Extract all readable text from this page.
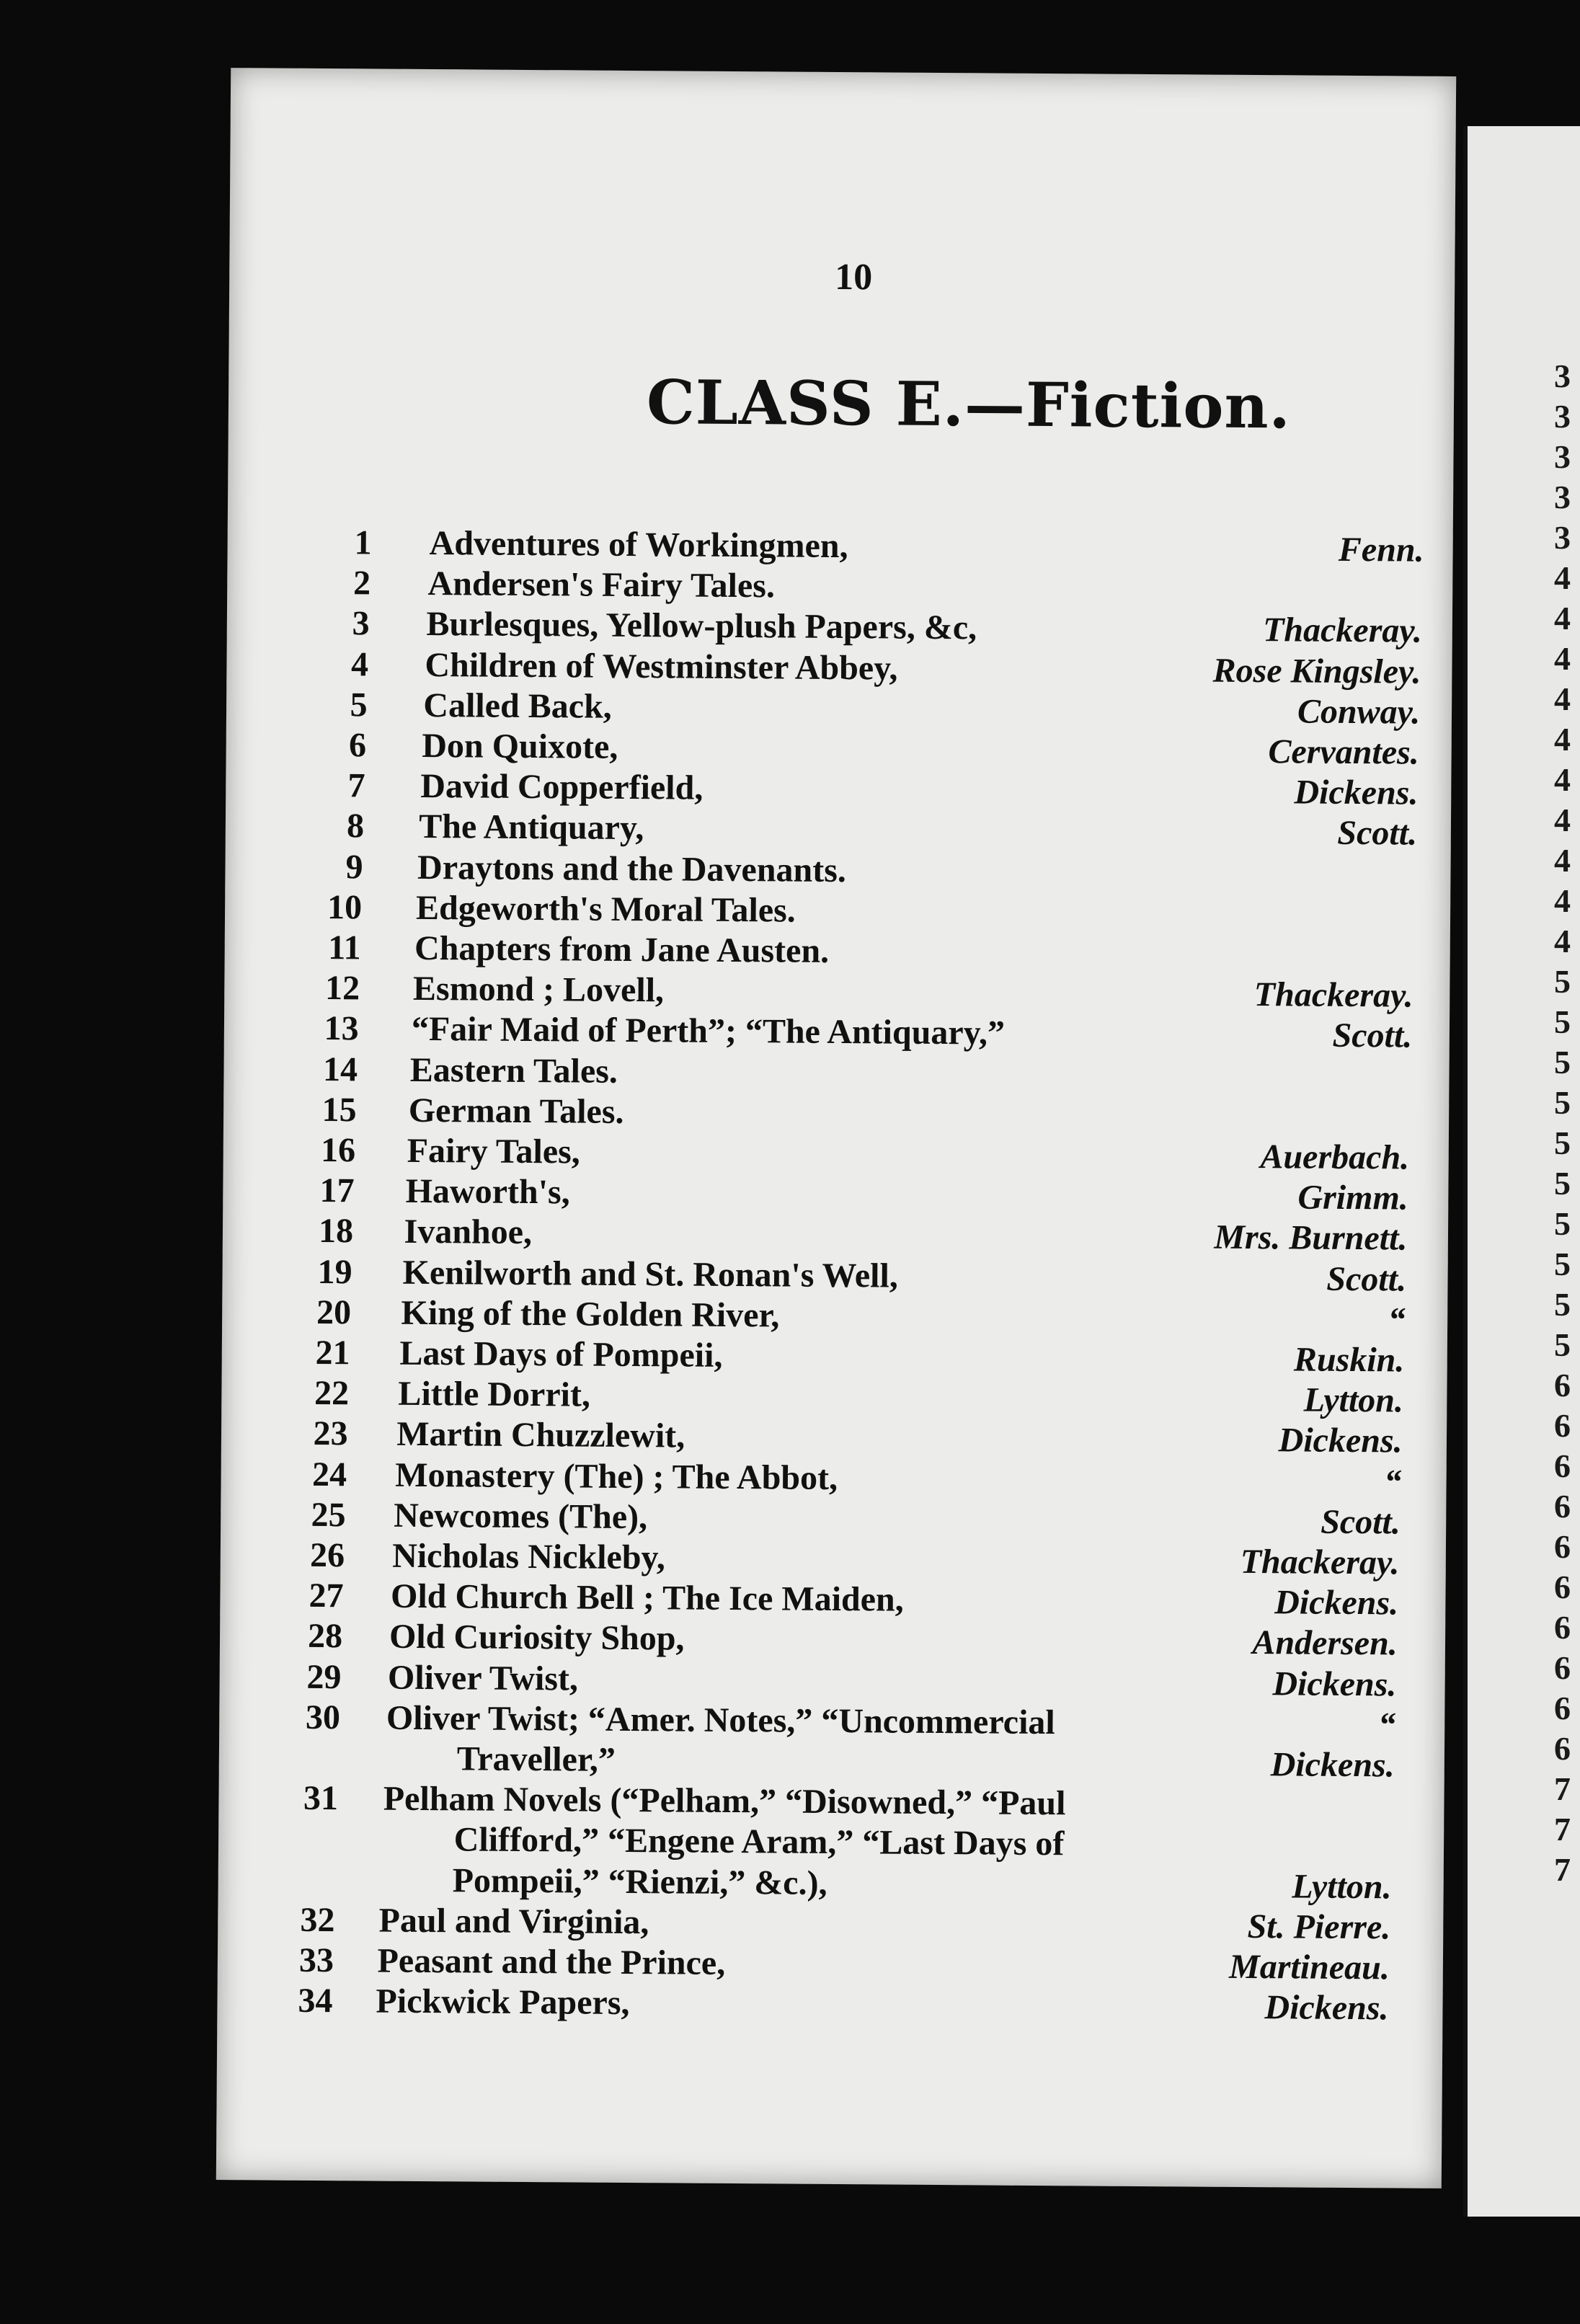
10
CLASS E.—Fiction.
1 Adventures of Workingmen,	Fenn.
2 Andersen's Fairy Tales.
3 Burlesques, Yellow-plush Papers, &c,	Thackeray.
4 Children of Westminster Abbey,	Rose Kingsley.
5 Called Back,	Conway.
6 Don Quixote,	Cervantes.
7 David Copperfield,	Dickens.
8 The Antiquary,	Scott.
9 Draytons and the Davenants.
10 Edgeworth's Moral Tales.
11 Chapters from Jane Austen.
12 Esmond ; Lovell,	Thackeray.
13 “Fair Maid of Perth”; “The Antiquary,”	Scott.
14 Eastern Tales.
15 German Tales.
16 Fairy Tales,	Auerbach.
17 Haworth's,	Grimm.
18 Ivanhoe,	Mrs. Burnett.
19 Kenilworth and St. Ronan's Well,	Scott.
20 King of the Golden River,	“
21 Last Days of Pompeii,	Ruskin.
22 Little Dorrit,	Lytton.
23 Martin Chuzzlewit,	Dickens.
24 Monastery (The) ; The Abbot,	“
25 Newcomes (The),	Scott.
26 Nicholas Nickleby,	Thackeray.
27 Old Church Bell ; The Ice Maiden,	Dickens.
28 Old Curiosity Shop,	Andersen.
29 Oliver Twist,	Dickens.
30 Oliver Twist; “Amer. Notes,” “Uncommercial	“
Traveller,”	Dickens.
31 Pelham Novels (“Pelham,” “Disowned,” “Paul
Clifford,” “Engene Aram,” “Last Days of
Pompeii,” “Rienzi,” &c.),	Lytton.
32 Paul and Virginia,	St. Pierre.
33 Peasant and the Prince,	Martineau.
34 Pickwick Papers,	Dickens.
3
3
3
3
3
4
4
4
4
4
4
4
4
4
4
5
5
5
5
5
5
5
5
5
5
6
6
6
6
6
6
6
6
6
6
7
7
7
